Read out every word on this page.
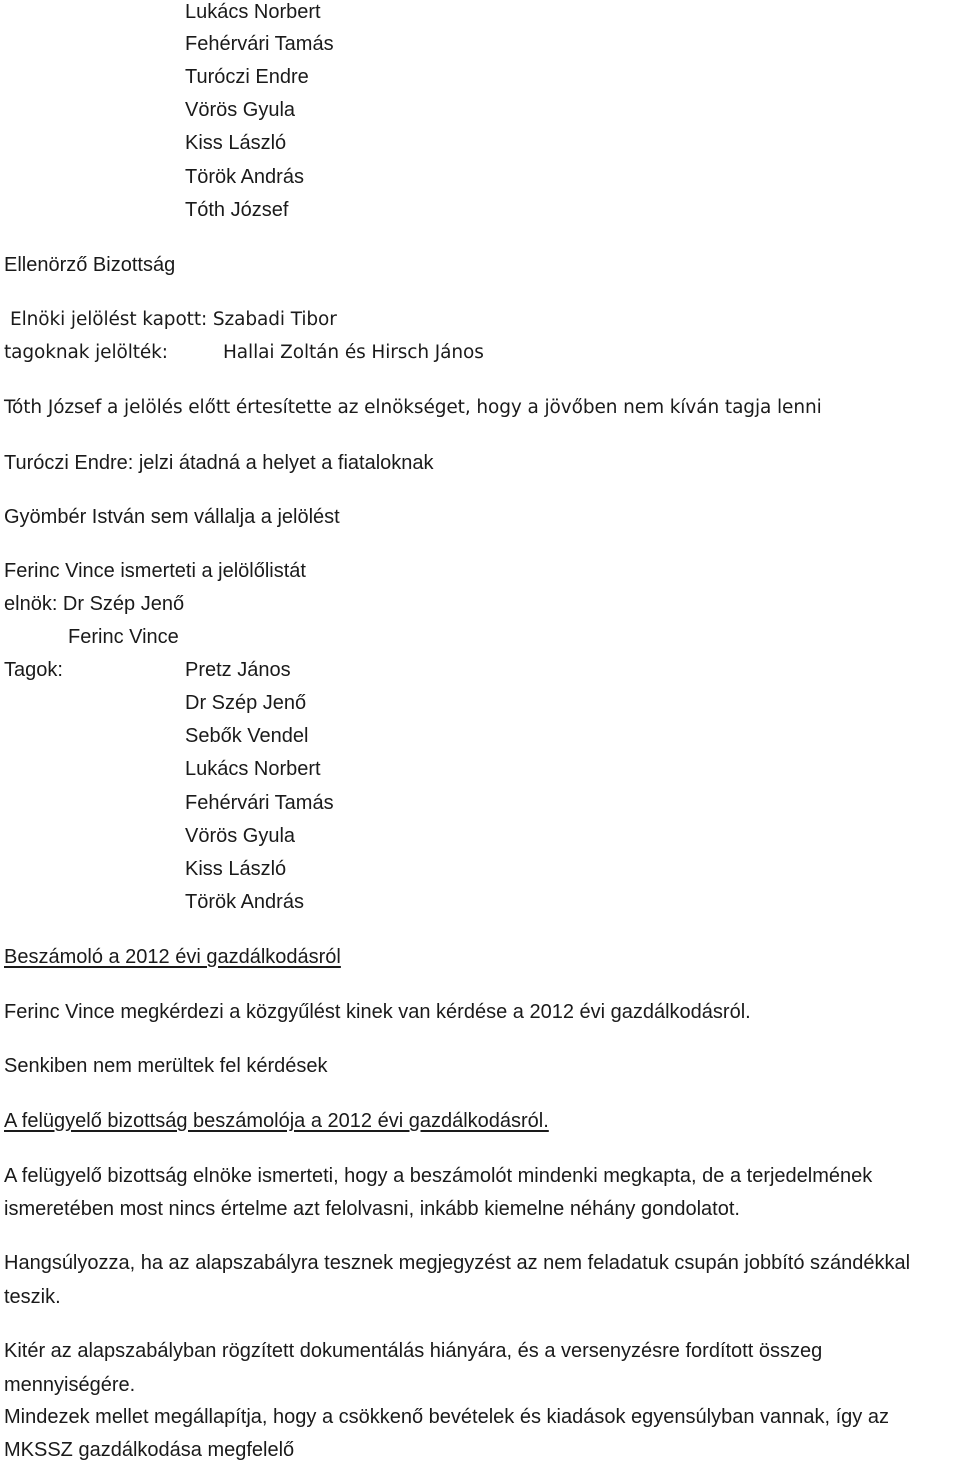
Lukács Norbert
Fehérvári Tamás
Turóczi Endre
Vörös Gyula
Kiss László
Török András
Tóth József
Ellenörző Bizottság
Elnöki jelölést kapott: Szabadi Tibor
tagoknak jelölték:	Hallai Zoltán és Hirsch János
Tóth József a jelölés előtt értesítette az elnökséget, hogy a jövőben nem kíván tagja lenni
Turóczi Endre: jelzi átadná a helyet a fiataloknak
Gyömbér István sem vállalja a jelölést
Ferinc Vince ismerteti a jelölőlistát
elnök: Dr Szép Jenő
Ferinc Vince
Tagok:	Pretz János
Dr Szép Jenő
Sebők Vendel
Lukács Norbert
Fehérvári Tamás
Vörös Gyula
Kiss László
Török András
Beszámoló a 2012 évi gazdálkodásról
Ferinc Vince megkérdezi a közgyűlést kinek van kérdése a 2012 évi gazdálkodásról.
Senkiben nem merültek fel kérdések
A felügyelő bizottság beszámolója a 2012 évi gazdálkodásról.
A felügyelő bizottság elnöke ismerteti, hogy a beszámolót mindenki megkapta, de a terjedelmének
ismeretében most nincs értelme azt felolvasni, inkább kiemelne néhány gondolatot.
Hangsúlyozza, ha az alapszabályra tesznek megjegyzést az nem feladatuk csupán jobbító szándékkal
teszik.
Kitér az alapszabályban rögzített dokumentálás hiányára, és a versenyzésre fordított összeg
mennyiségére.
Mindezek mellet megállapítja, hogy a csökkenő bevételek és kiadások egyensúlyban vannak, így az
MKSSZ gazdálkodása megfelelő
